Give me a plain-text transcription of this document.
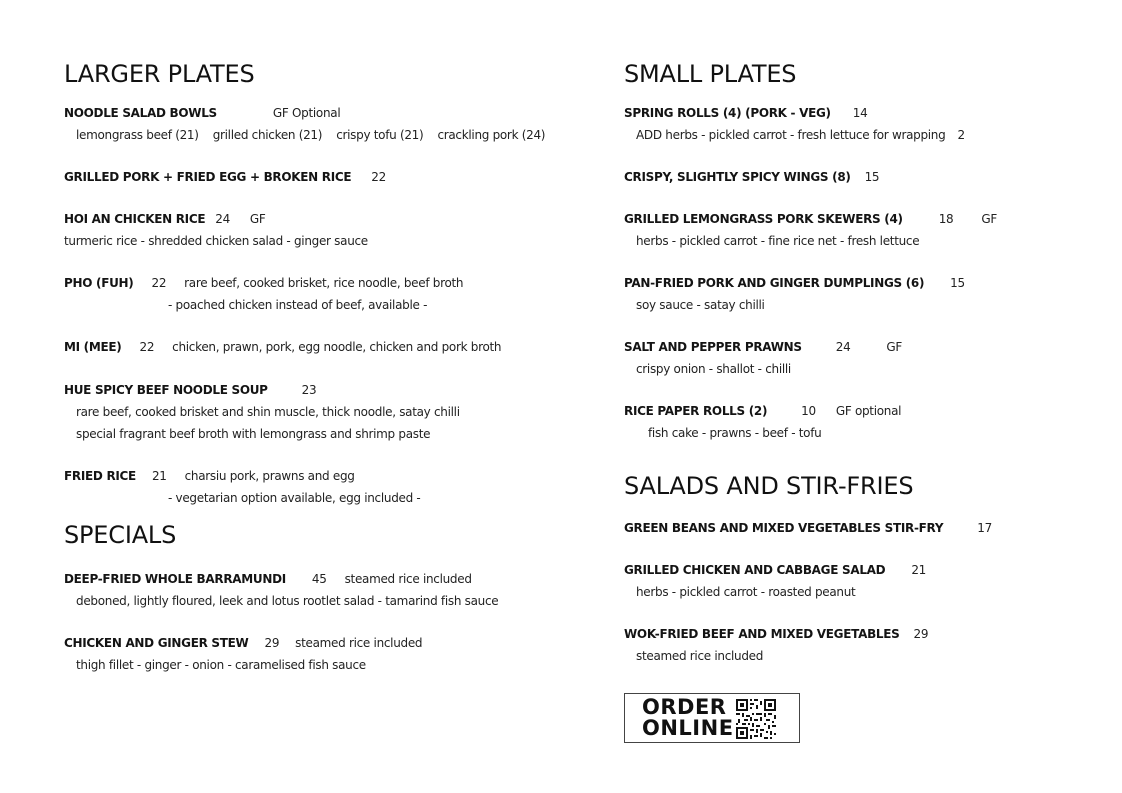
LARGER PLATES
NOODLE SALAD BOWLS	GF Optional
lemongrass beef (21)    grilled chicken (21)    crispy tofu (21)    crackling pork (24)
GRILLED PORK + FRIED EGG + BROKEN RICE 22
HOI AN CHICKEN RICE 24 GF
turmeric rice - shredded chicken salad - ginger sauce
PHO (FUH) 22 rare beef, cooked brisket, rice noodle, beef broth
- poached chicken instead of beef, available -
MI (MEE) 22 chicken, prawn, pork, egg noodle, chicken and pork broth
HUE SPICY BEEF NOODLE SOUP	23
rare beef, cooked brisket and shin muscle, thick noodle, satay chilli
special fragrant beef broth with lemongrass and shrimp paste
FRIED RICE 21 charsiu pork, prawns and egg
- vegetarian option available, egg included -
SPECIALS
DEEP-FRIED WHOLE BARRAMUNDI 45 steamed rice included
deboned, lightly floured, leek and lotus rootlet salad - tamarind fish sauce
CHICKEN AND GINGER STEW 29 steamed rice included
thigh fillet - ginger - onion - caramelised fish sauce
SMALL PLATES
SPRING ROLLS (4) (PORK - VEG) 14
ADD herbs - pickled carrot - fresh lettuce for wrapping 2
CRISPY, SLIGHTLY SPICY WINGS (8) 15
GRILLED LEMONGRASS PORK SKEWERS (4)	18 GF
herbs - pickled carrot - fine rice net - fresh lettuce
PAN-FRIED PORK AND GINGER DUMPLINGS (6) 15
soy sauce - satay chilli
SALT AND PEPPER PRAWNS	24	GF
crispy onion - shallot - chilli
RICE PAPER ROLLS (2)	10 GF optional
fish cake - prawns - beef - tofu
SALADS AND STIR-FRIES
GREEN BEANS AND MIXED VEGETABLES STIR-FRY	17
GRILLED CHICKEN AND CABBAGE SALAD 21
herbs - pickled carrot - roasted peanut
WOK-FRIED BEEF AND MIXED VEGETABLES 29
steamed rice included
ORDER
ONLINE
